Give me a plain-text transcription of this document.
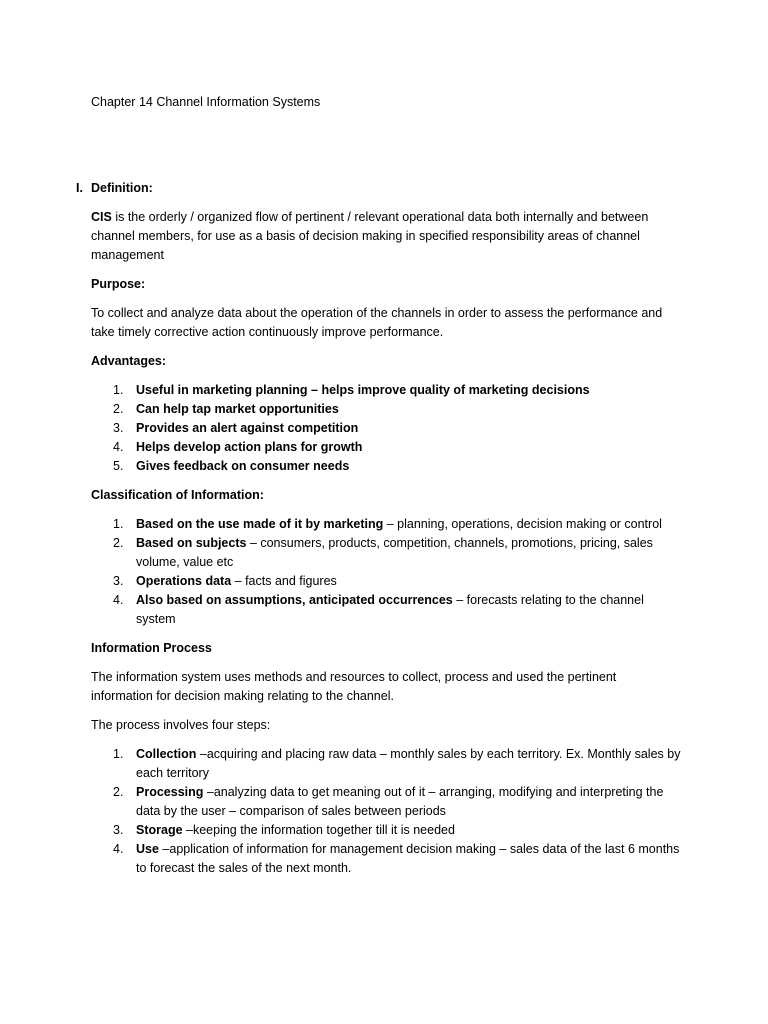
Chapter 14 Channel Information Systems
I. Definition:

CIS is the orderly / organized flow of pertinent / relevant operational data both internally and between channel members, for use as a basis of decision making in specified responsibility areas of channel management

Purpose:

To collect and analyze data about the operation of the channels in order to assess the performance and take timely corrective action continuously improve performance.

Advantages:

1. Useful in marketing planning – helps improve quality of marketing decisions
2. Can help tap market opportunities
3. Provides an alert against competition
4. Helps develop action plans for growth
5. Gives feedback on consumer needs

Classification of Information:

1. Based on the use made of it by marketing – planning, operations, decision making or control
2. Based on subjects – consumers, products, competition, channels, promotions, pricing, sales volume, value etc
3. Operations data – facts and figures
4. Also based on assumptions, anticipated occurrences – forecasts relating to the channel system

Information Process

The information system uses methods and resources to collect, process and used the pertinent information for decision making relating to the channel.

The process involves four steps:

1. Collection –acquiring and placing raw data – monthly sales by each territory. Ex. Monthly sales by each territory
2. Processing –analyzing data to get meaning out of it – arranging, modifying and interpreting the data by the user – comparison of sales between periods
3. Storage –keeping the information together till it is needed
4. Use –application of information for management decision making – sales data of the last 6 months to forecast the sales of the next month.
